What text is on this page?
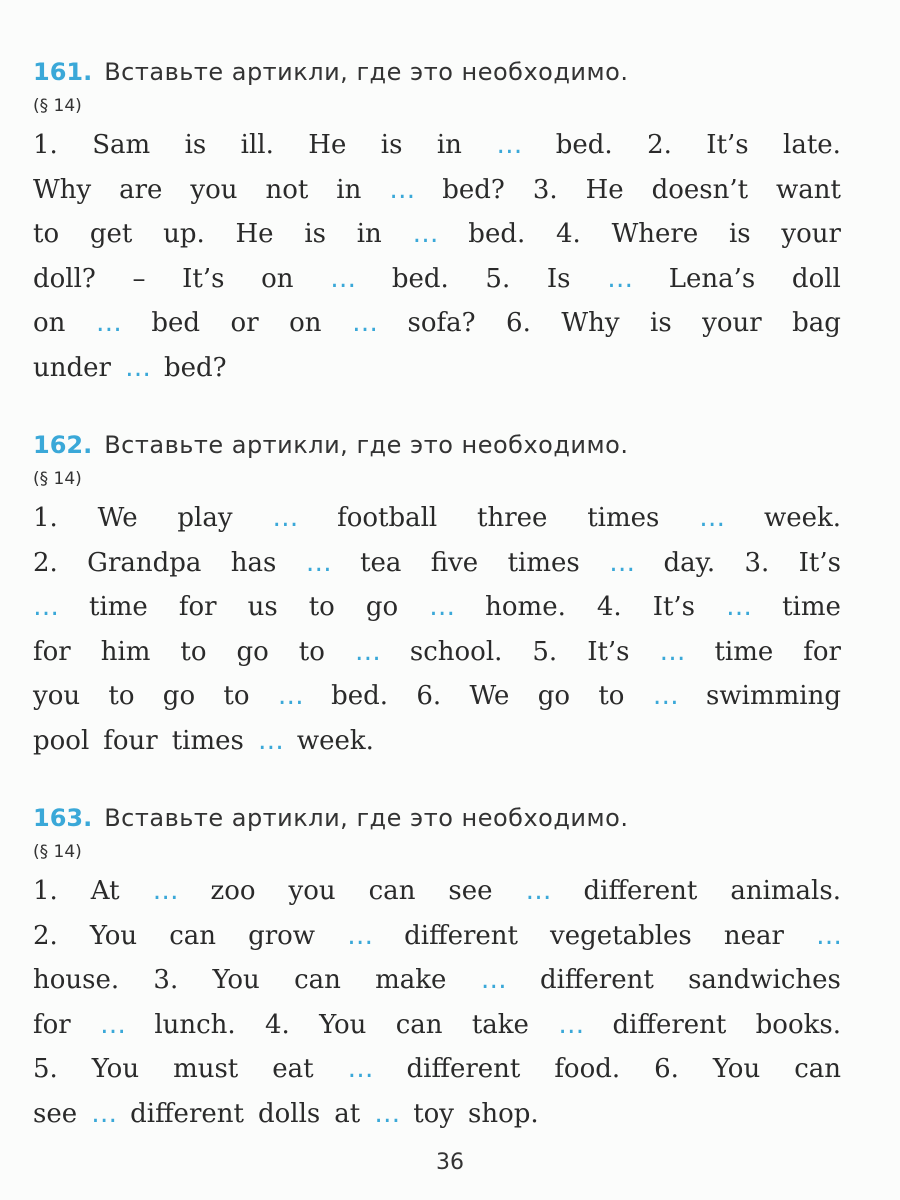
161. Вставьте артикли, где это необходимо.
(§ 14)
1. Sam is ill. He is in … bed. 2. It’s late.
Why are you not in … bed? 3. He doesn’t want
to get up. He is in … bed. 4. Where is your
doll? – It’s on … bed. 5. Is … Lena’s doll
on … bed or on … sofa? 6. Why is your bag
under … bed?
162. Вставьте артикли, где это необходимо.
(§ 14)
1. We play … football three times … week.
2. Grandpa has … tea five times … day. 3. It’s
… time for us to go … home. 4. It’s … time
for him to go to … school. 5. It’s … time for
you to go to … bed. 6. We go to … swimming
pool four times … week.
163. Вставьте артикли, где это необходимо.
(§ 14)
1. At … zoo you can see … different animals.
2. You can grow … different vegetables near …
house. 3. You can make … different sandwiches
for … lunch. 4. You can take … different books.
5. You must eat … different food. 6. You can
see … different dolls at … toy shop.
36
